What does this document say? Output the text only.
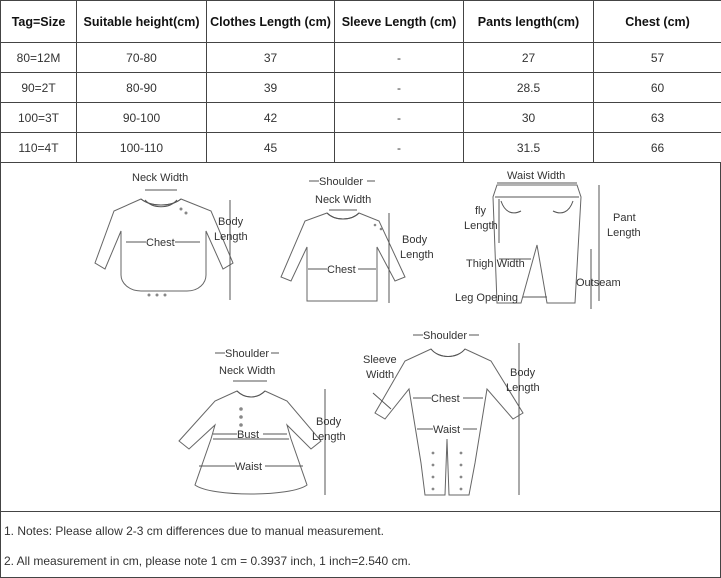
Tag=Size	Suitable height(cm)	Clothes Length (cm)	Sleeve Length (cm)	Pants length(cm)	Chest (cm)
80=12M	70-80	37	-	27	57
90=2T	80-90	39	-	28.5	60
100=3T	90-100	42	-	30	63
110=4T	100-110	45	-	31.5	66
Neck Width
Chest
Body
Length
Shoulder
Neck Width
Chest
Body
Length
Waist Width
fly
Length
Pant
Length
Thigh Width
Outseam
Leg Opening
Shoulder
Neck Width
Bust
Waist
Body
Length
Shoulder
Sleeve
Width
Chest
Waist
Body
Length
1. Notes: Please allow 2-3 cm differences due to manual measurement.
2. All measurement in cm, please note 1 cm = 0.3937 inch, 1 inch=2.540 cm.
